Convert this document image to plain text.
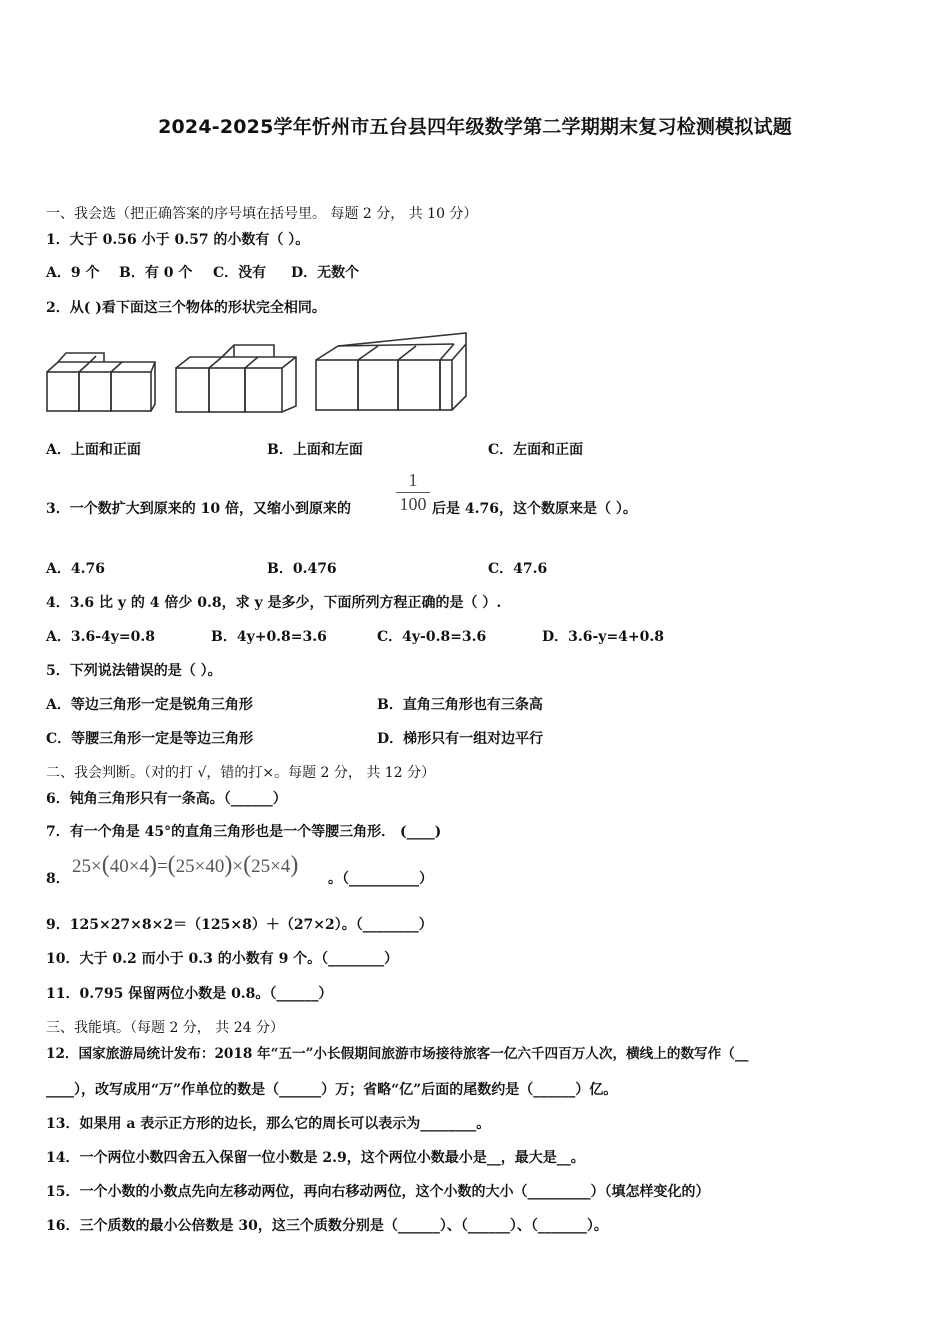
2024-2025学年忻州市五台县四年级数学第二学期期末复习检测模拟试题
一、我会选（把正确答案的序号填在括号里。 每题 2 分， 共 10 分）
1．大于 0.56 小于 0.57 的小数有（ ）。
A．9 个 B．有 0 个 C．没有 D．无数个
2．从( )看下面这三个物体的形状完全相同。
A．上面和正面	B．上面和左面	C．左面和正面
3．一个数扩大到原来的 10 倍，又缩小到原来的	$\frac{1}{100}$ 后是 4.76，这个数原来是（ ）。
A．4.76	B．0.476	C．47.6
4．3.6 比 y 的 4 倍少 0.8，求 y 是多少，下面所列方程正确的是（ ）.
A．3.6-4y=0.8	B．4y+0.8=3.6	C．4y-0.8=3.6	D．3.6-y=4+0.8
5．下列说法错误的是（ ）。
A．等边三角形一定是锐角三角形	B．直角三角形也有三条高
C．等腰三角形一定是等边三角形	D．梯形只有一组对边平行
二、我会判断。（对的打 √，错的打×。每题 2 分， 共 12 分）
6．钝角三角形只有一条高。（______）
7．有一个角是 45°的直角三角形也是一个等腰三角形． (____)
8．
25×(40×4)=(25×40)×(25×4)
。（__________）
9．125×27×8×2＝（125×8）＋（27×2）。（________）
10．大于 0.2 而小于 0.3 的小数有 9 个。（________）
11．0.795 保留两位小数是 0.8。（______）
三、我能填。（每题 2 分， 共 24 分）
12．国家旅游局统计发布：2018 年“五一”小长假期间旅游市场接待旅客一亿六千四百万人次，横线上的数写作（__
____），改写成用“万”作单位的数是（______）万；省略“亿”后面的尾数约是（______）亿。
13．如果用 a 表示正方形的边长，那么它的周长可以表示为________。
14．一个两位小数四舍五入保留一位小数是 2.9，这个两位小数最小是__，最大是__。
15．一个小数的小数点先向左移动两位，再向右移动两位，这个小数的大小（_________）（填怎样变化的）
16．三个质数的最小公倍数是 30，这三个质数分别是（______）、（______）、（_______）。
